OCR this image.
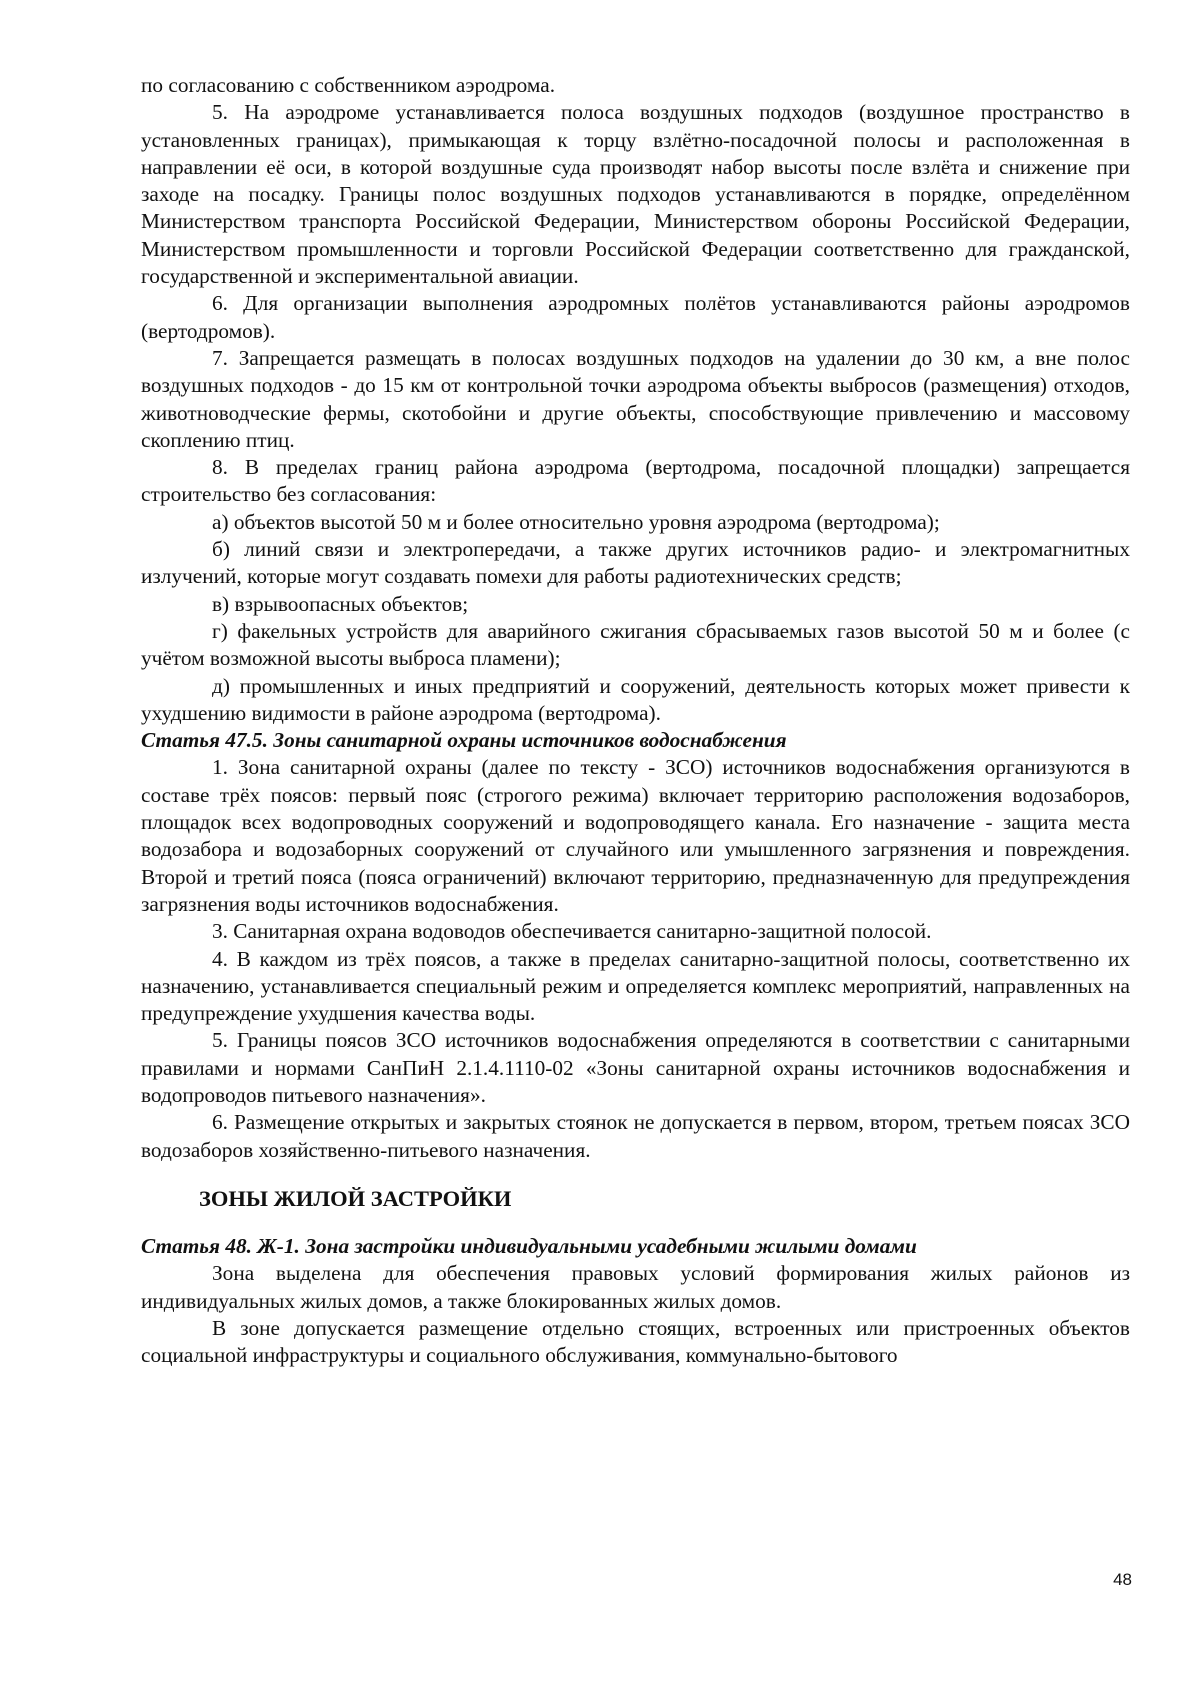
по согласованию с собственником аэродрома.

5. На аэродроме устанавливается полоса воздушных подходов (воздушное пространство в установленных границах), примыкающая к торцу взлётно-посадочной полосы и расположенная в направлении её оси, в которой воздушные суда производят набор высоты после взлёта и снижение при заходе на посадку. Границы полос воздушных подходов устанавливаются в порядке, определённом Министерством транспорта Российской Федерации, Министерством обороны Российской Федерации, Министерством промышленности и торговли Российской Федерации соответственно для гражданской, государственной и экспериментальной авиации.

6. Для организации выполнения аэродромных полётов устанавливаются районы аэродромов (вертодромов).

7. Запрещается размещать в полосах воздушных подходов на удалении до 30 км, а вне полос воздушных подходов - до 15 км от контрольной точки аэродрома объекты выбросов (размещения) отходов, животноводческие фермы, скотобойни и другие объекты, способствующие привлечению и массовому скоплению птиц.

8. В пределах границ района аэродрома (вертодрома, посадочной площадки) запрещается строительство без согласования:

а) объектов высотой 50 м и более относительно уровня аэродрома (вертодрома);

б) линий связи и электропередачи, а также других источников радио- и электромагнитных излучений, которые могут создавать помехи для работы радиотехнических средств;

в) взрывоопасных объектов;

г) факельных устройств для аварийного сжигания сбрасываемых газов высотой 50 м и более (с учётом возможной высоты выброса пламени);

д) промышленных и иных предприятий и сооружений, деятельность которых может привести к ухудшению видимости в районе аэродрома (вертодрома).

Статья 47.5. Зоны санитарной охраны источников водоснабжения

1. Зона санитарной охраны (далее по тексту - ЗСО) источников водоснабжения организуются в составе трёх поясов: первый пояс (строгого режима) включает территорию расположения водозаборов, площадок всех водопроводных сооружений и водопроводящего канала. Его назначение - защита места водозабора и водозаборных сооружений от случайного или умышленного загрязнения и повреждения. Второй и третий пояса (пояса ограничений) включают территорию, предназначенную для предупреждения загрязнения воды источников водоснабжения.

3. Санитарная охрана водоводов обеспечивается санитарно-защитной полосой.

4. В каждом из трёх поясов, а также в пределах санитарно-защитной полосы, соответственно их назначению, устанавливается специальный режим и определяется комплекс мероприятий, направленных на предупреждение ухудшения качества воды.

5. Границы поясов ЗСО источников водоснабжения определяются в соответствии с санитарными правилами и нормами СанПиН 2.1.4.1110-02 «Зоны санитарной охраны источников водоснабжения и водопроводов питьевого назначения».

6. Размещение открытых и закрытых стоянок не допускается в первом, втором, третьем поясах ЗСО водозаборов хозяйственно-питьевого назначения.

ЗОНЫ ЖИЛОЙ ЗАСТРОЙКИ

Статья 48. Ж-1. Зона застройки индивидуальными усадебными жилыми домами

Зона выделена для обеспечения правовых условий формирования жилых районов из индивидуальных жилых домов, а также блокированных жилых домов.

В зоне допускается размещение отдельно стоящих, встроенных или пристроенных объектов социальной инфраструктуры и социального обслуживания, коммунально-бытового

48
